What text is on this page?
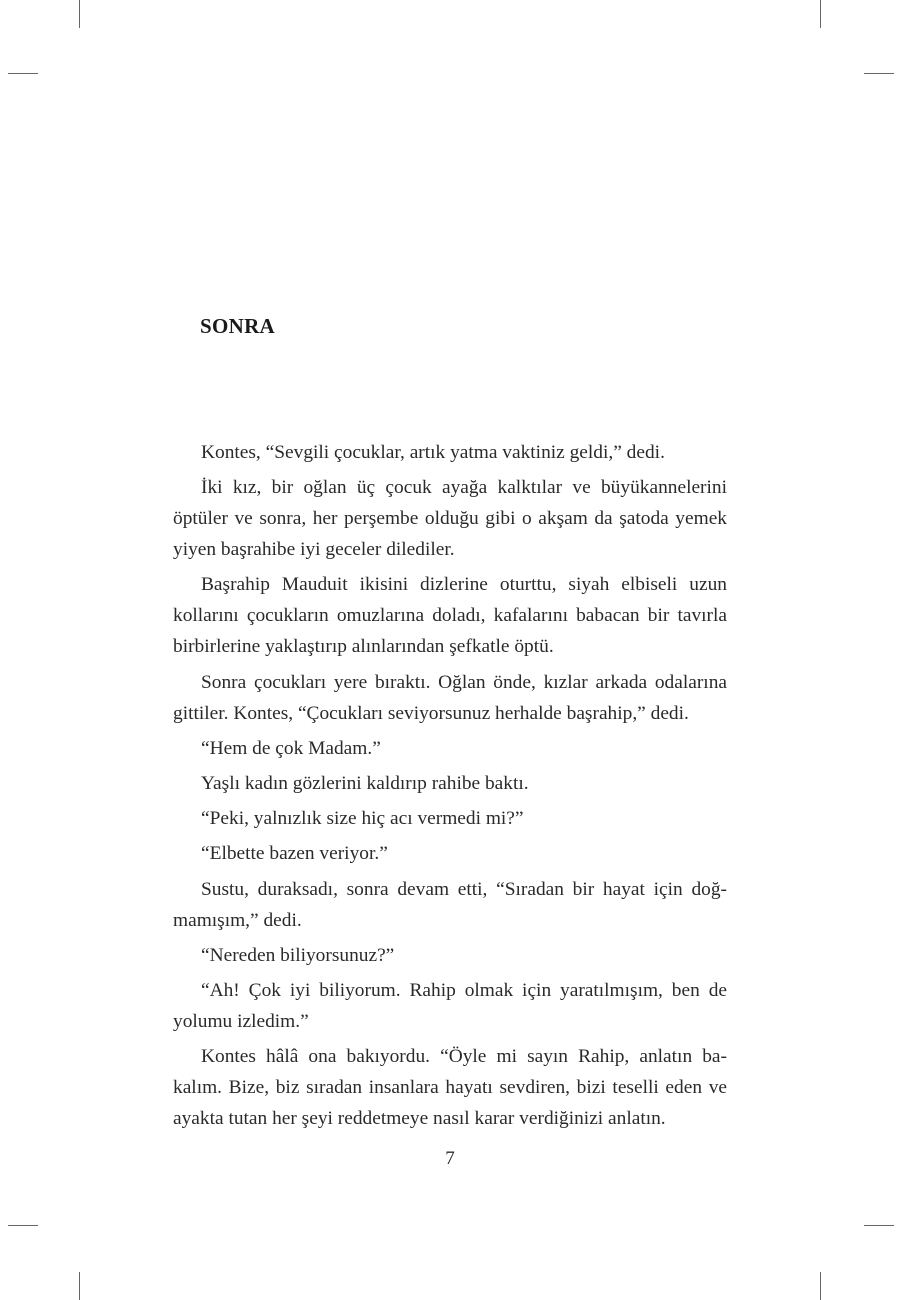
SONRA

Kontes, “Sevgili çocuklar, artık yatma vaktiniz geldi,” dedi.

İki kız, bir oğlan üç çocuk ayağa kalktılar ve büyükannelerini öptüler ve sonra, her perşembe olduğu gibi o akşam da şatoda yemek yiyen başrahibe iyi geceler dilediler.

Başrahip Mauduit ikisini dizlerine oturttu, siyah elbiseli uzun kollarını çocukların omuzlarına doladı, kafalarını babacan bir tavırla birbirlerine yaklaştırıp alınlarından şefkatle öptü.

Sonra çocukları yere bıraktı. Oğlan önde, kızlar arkada odalarına gittiler. Kontes, “Çocukları seviyorsunuz herhalde başrahip,” dedi.

“Hem de çok Madam.”

Yaşlı kadın gözlerini kaldırıp rahibe baktı.

“Peki, yalnızlık size hiç acı vermedi mi?”

“Elbette bazen veriyor.”

Sustu, duraksadı, sonra devam etti, “Sıradan bir hayat için doğ-mamışım,” dedi.

“Nereden biliyorsunuz?”

“Ah! Çok iyi biliyorum. Rahip olmak için yaratılmışım, ben de yolumu izledim.”

Kontes hâlâ ona bakıyordu. “Öyle mi sayın Rahip, anlatın ba-kalım. Bize, biz sıradan insanlara hayatı sevdiren, bizi teselli eden ve ayakta tutan her şeyi reddetmeye nasıl karar verdiğinizi anlatın.

7
